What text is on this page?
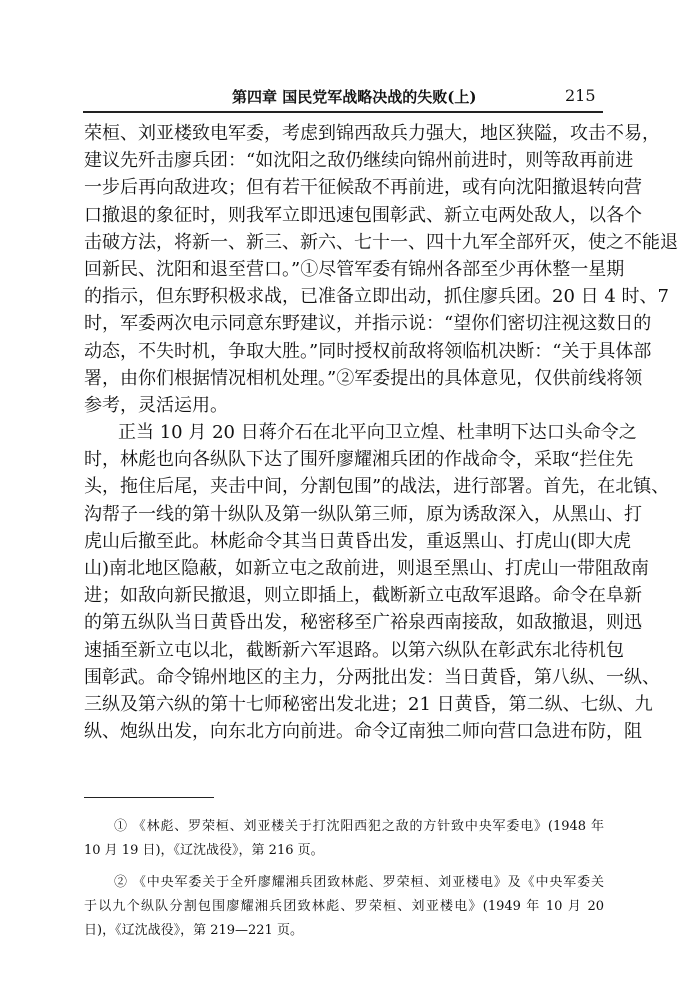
第四章 国民党军战略决战的失败(上)	215
荣桓、刘亚楼致电军委，考虑到锦西敌兵力强大，地区狭隘，攻击不易，
建议先歼击廖兵团：“如沈阳之敌仍继续向锦州前进时，则等敌再前进
一步后再向敌进攻；但有若干征候敌不再前进，或有向沈阳撤退转向营
口撤退的象征时，则我军立即迅速包围彰武、新立屯两处敌人，以各个
击破方法，将新一、新三、新六、七十一、四十九军全部歼灭，使之不能退
回新民、沈阳和退至营口。”①尽管军委有锦州各部至少再休整一星期
的指示，但东野积极求战，已准备立即出动，抓住廖兵团。20 日 4 时、7
时，军委两次电示同意东野建议，并指示说：“望你们密切注视这数日的
动态，不失时机，争取大胜。”同时授权前敌将领临机决断：“关于具体部
署，由你们根据情况相机处理。”②军委提出的具体意见，仅供前线将领
参考，灵活运用。
正当 10 月 20 日蒋介石在北平向卫立煌、杜聿明下达口头命令之
时，林彪也向各纵队下达了围歼廖耀湘兵团的作战命令，采取“拦住先
头，拖住后尾，夹击中间，分割包围”的战法，进行部署。首先，在北镇、
沟帮子一线的第十纵队及第一纵队第三师，原为诱敌深入，从黑山、打
虎山后撤至此。林彪命令其当日黄昏出发，重返黑山、打虎山(即大虎
山)南北地区隐蔽，如新立屯之敌前进，则退至黑山、打虎山一带阻敌南
进；如敌向新民撤退，则立即插上，截断新立屯敌军退路。命令在阜新
的第五纵队当日黄昏出发，秘密移至广裕泉西南接敌，如敌撤退，则迅
速插至新立屯以北，截断新六军退路。以第六纵队在彰武东北待机包
围彰武。命令锦州地区的主力，分两批出发：当日黄昏，第八纵、一纵、
三纵及第六纵的第十七师秘密出发北进；21 日黄昏，第二纵、七纵、九
纵、炮纵出发，向东北方向前进。命令辽南独二师向营口急进布防，阻
① 《林彪、罗荣桓、刘亚楼关于打沈阳西犯之敌的方针致中央军委电》(1948 年
10 月 19 日)，《辽沈战役》，第 216 页。
② 《中央军委关于全歼廖耀湘兵团致林彪、罗荣桓、刘亚楼电》及《中央军委关
于以九个纵队分割包围廖耀湘兵团致林彪、罗荣桓、刘亚楼电》(1949 年 10 月 20
日)，《辽沈战役》，第 219—221 页。
